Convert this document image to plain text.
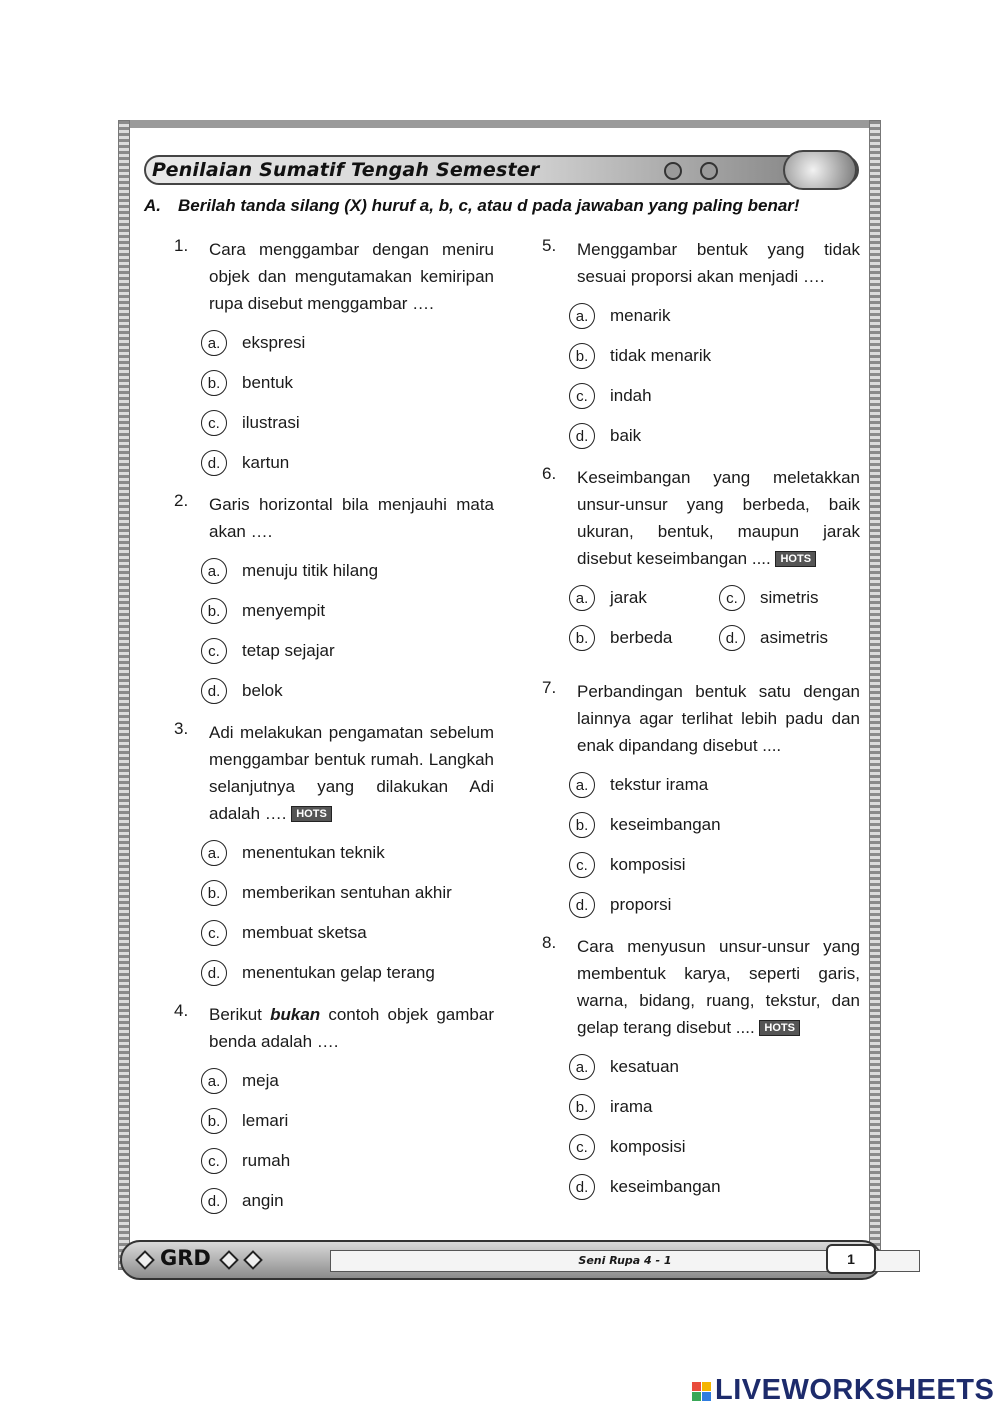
Penilaian Sumatif Tengah Semester
A. Berilah tanda silang (X) huruf a, b, c, atau d pada jawaban yang paling benar!
1. Cara menggambar dengan meniru objek dan mengutamakan kemiripan rupa disebut menggambar ….
a.	ekspresi
b.	bentuk
c.	ilustrasi
d.	kartun
2. Garis horizontal bila menjauhi mata akan ….
a.	menuju titik hilang
b.	menyempit
c.	tetap sejajar
d.	belok
3. Adi melakukan pengamatan sebelum menggambar bentuk rumah. Langkah selanjutnya yang dilakukan Adi adalah …. HOTS
a.	menentukan teknik
b.	memberikan sentuhan akhir
c.	membuat sketsa
d.	menentukan gelap terang
4. Berikut bukan contoh objek gambar benda adalah ….
a.	meja
b.	lemari
c.	rumah
d.	angin
5. Menggambar bentuk yang tidak sesuai proporsi akan menjadi ….
a.	menarik
b.	tidak menarik
c.	indah
d.	baik
6. Keseimbangan yang meletakkan unsur-unsur yang berbeda, baik ukuran, bentuk, maupun jarak disebut keseimbangan .... HOTS
a.	jarak	c.	simetris
b.	berbeda	d.	asimetris
7. Perbandingan bentuk satu dengan lainnya agar terlihat lebih padu dan enak dipandang disebut ....
a.	tekstur irama
b.	keseimbangan
c.	komposisi
d.	proporsi
8. Cara menyusun unsur-unsur yang membentuk karya, seperti garis, warna, bidang, ruang, tekstur, dan gelap terang disebut .... HOTS
a.	kesatuan
b.	irama
c.	komposisi
d.	keseimbangan
GRD	Seni Rupa 4 - 1	1
LIVEWORKSHEETS
